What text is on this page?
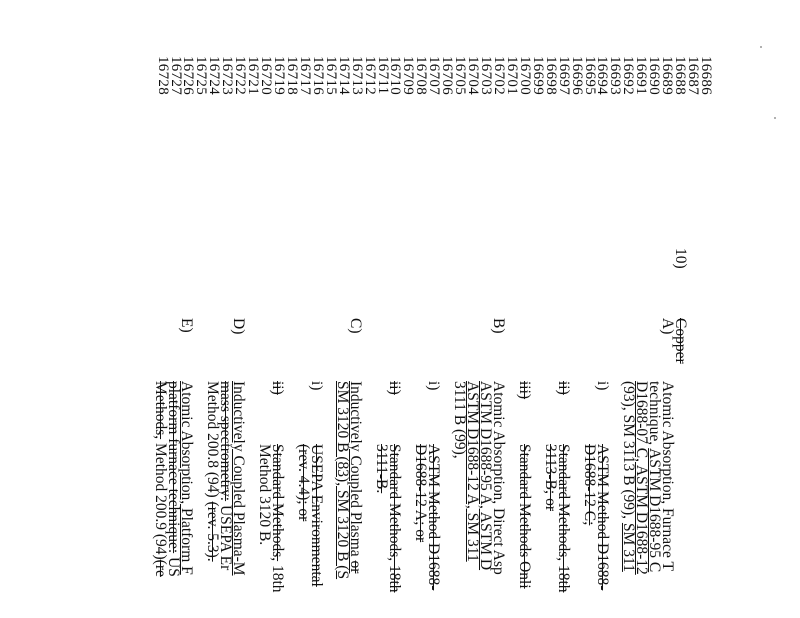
16686
16687
16688
16689
16690
16691
16692
16693
16694
16695
16696
16697
16698
16699
16700
16701
16702
16703
16704
16705
16706
16707
16708
16709
16710
16711
16712
16713
16714
16715
16716
16717
16718
16719
16720
16721
16722
16723
16724
16725
16726
16727
16728
10)
Copper
A)
Atomic Absorption, Furnace T
technique, ASTM D1688-95 C
D1688-07 C, ASTM D1688-12
(93), SM 3113 B (99), SM 311
i)
ASTM Method D1688-
D1688-12 C;
ii)
Standard Methods, 18th
3113-B; or
iii)
Standard Methods Onli
B)
Atomic Absorption, Direct Asp
ASTM D1688-95 A, ASTM D
ASTM D1688-12 A, SM 311
3111 B (99),
i)
ASTM Method D1688-
D1688-12 A; or
ii)
Standard Methods, 18th
3111-B.
C)
Inductively Coupled Plasma or
SM 3120 B (83), SM 3120 B (S
i)
USEPA Environmental
(rev. 4.4); or
ii)
Standard Methods, 18th
Method 3120 B.
D)
Inductively Coupled Plasma-M
mass spectrometry: USEPA Er
Method 200.8 (94) (rev. 5.3).
E)
Atomic Absorption, Platform F
platform furnace technique: US
Methods, Method 200.9 (94)(re
